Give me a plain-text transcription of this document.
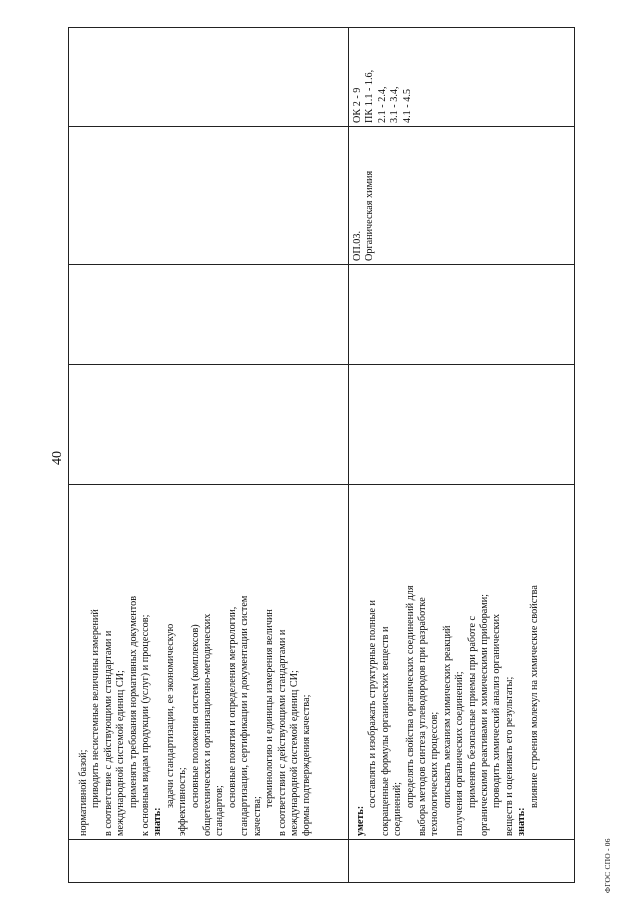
40
ФГОС СПО - 06
нормативной базой; приводить несистемные величины измерений в соответствие с действующими стандартами и международной системой единиц СИ; применять требования нормативных документов к основным видам продукции (услуг) и процессов; знать:
задачи стандартизации, ее экономическую эффективность; основные положения систем (комплексов) общетехнических и организационно-методических стандартов;
основные понятия и определения метрологии, стандартизации, сертификации и документации систем качества;
терминологию и единицы измерения величин в соответствии с действующими стандартами и международной системой единиц СИ; формы подтверждения качества;	уметь:
составлять и изображать структурные полные и сокращенные формулы органических веществ и соединений;
определять свойства органических соединений для выбора методов синтеза углеводородов при разработке технологических процессов; описывать механизм химических реакций получения органических соединений; применять безопасные приемы при работе с органическими реактивами и химическими приборами; проводить химический анализ органических веществ и оценивать его результаты; знать:
влияние строения молекул на химические свойства
ОП.03. Органическая химия
ОК 2 - 9 ПК 1.1 - 1.6, 2.1 - 2.4, 3.1 - 3.4, 4.1 - 4.5
